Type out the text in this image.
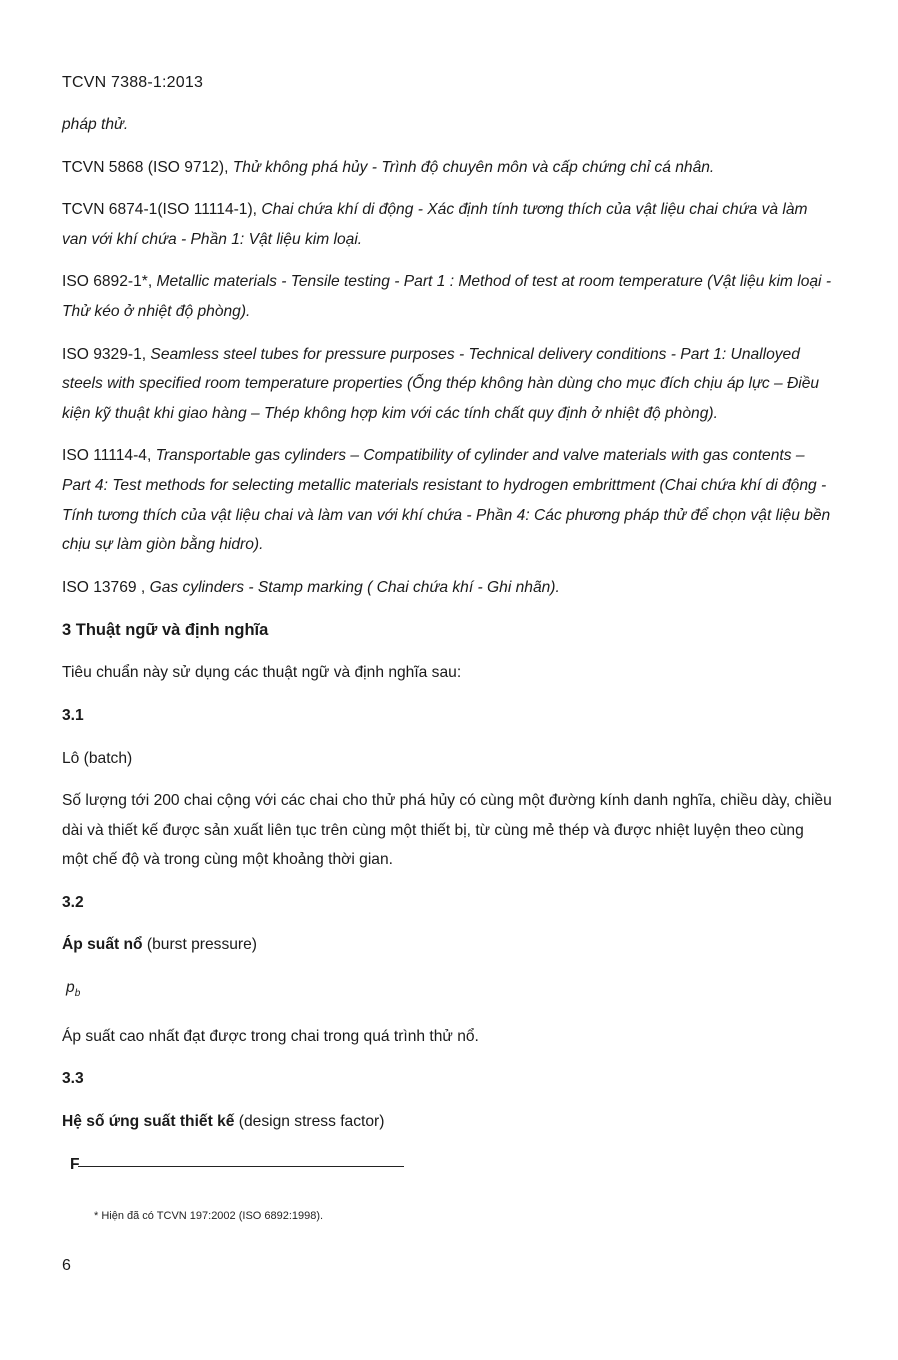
TCVN 7388-1:2013

pháp thử.

TCVN 5868 (ISO 9712), Thử không phá hủy - Trình độ chuyên môn và cấp chứng chỉ cá nhân.

TCVN 6874-1(ISO 11114-1), Chai chứa khí di động - Xác định tính tương thích của vật liệu chai chứa và làm van với khí chứa - Phần 1: Vật liệu kim loại.

ISO 6892-1*, Metallic materials - Tensile testing - Part 1 : Method of test at room temperature (Vật liệu kim loại - Thử kéo ở nhiệt độ phòng).

ISO 9329-1, Seamless steel tubes for pressure purposes - Technical delivery conditions - Part 1: Unalloyed steels with specified room temperature properties (Ống thép không hàn dùng cho mục đích chịu áp lực – Điều kiện kỹ thuật khi giao hàng – Thép không hợp kim với các tính chất quy định ở nhiệt độ phòng).

ISO 11114-4, Transportable gas cylinders – Compatibility of cylinder and valve materials with gas contents – Part 4: Test methods for selecting metallic materials resistant to hydrogen embrittment (Chai chứa khí di động - Tính tương thích của vật liệu chai và làm van với khí chứa - Phần 4: Các phương pháp thử để chọn vật liệu bền chịu sự làm giòn bằng hidro).

ISO 13769 , Gas cylinders - Stamp marking ( Chai chứa khí - Ghi nhãn).

3 Thuật ngữ và định nghĩa

Tiêu chuẩn này sử dụng các thuật ngữ và định nghĩa sau:

3.1

Lô (batch)

Số lượng tới 200 chai cộng với các chai cho thử phá hủy có cùng một đường kính danh nghĩa, chiều dày, chiều dài và thiết kế được sản xuất liên tục trên cùng một thiết bị, từ cùng mẻ thép và được nhiệt luyện theo cùng một chế độ và trong cùng một khoảng thời gian.

3.2

Áp suất nổ (burst pressure)

$p_b$

Áp suất cao nhất đạt được trong chai trong quá trình thử nổ.

3.3

Hệ số ứng suất thiết kế (design stress factor)

F
* Hiện đã có TCVN 197:2002 (ISO 6892:1998).
6
